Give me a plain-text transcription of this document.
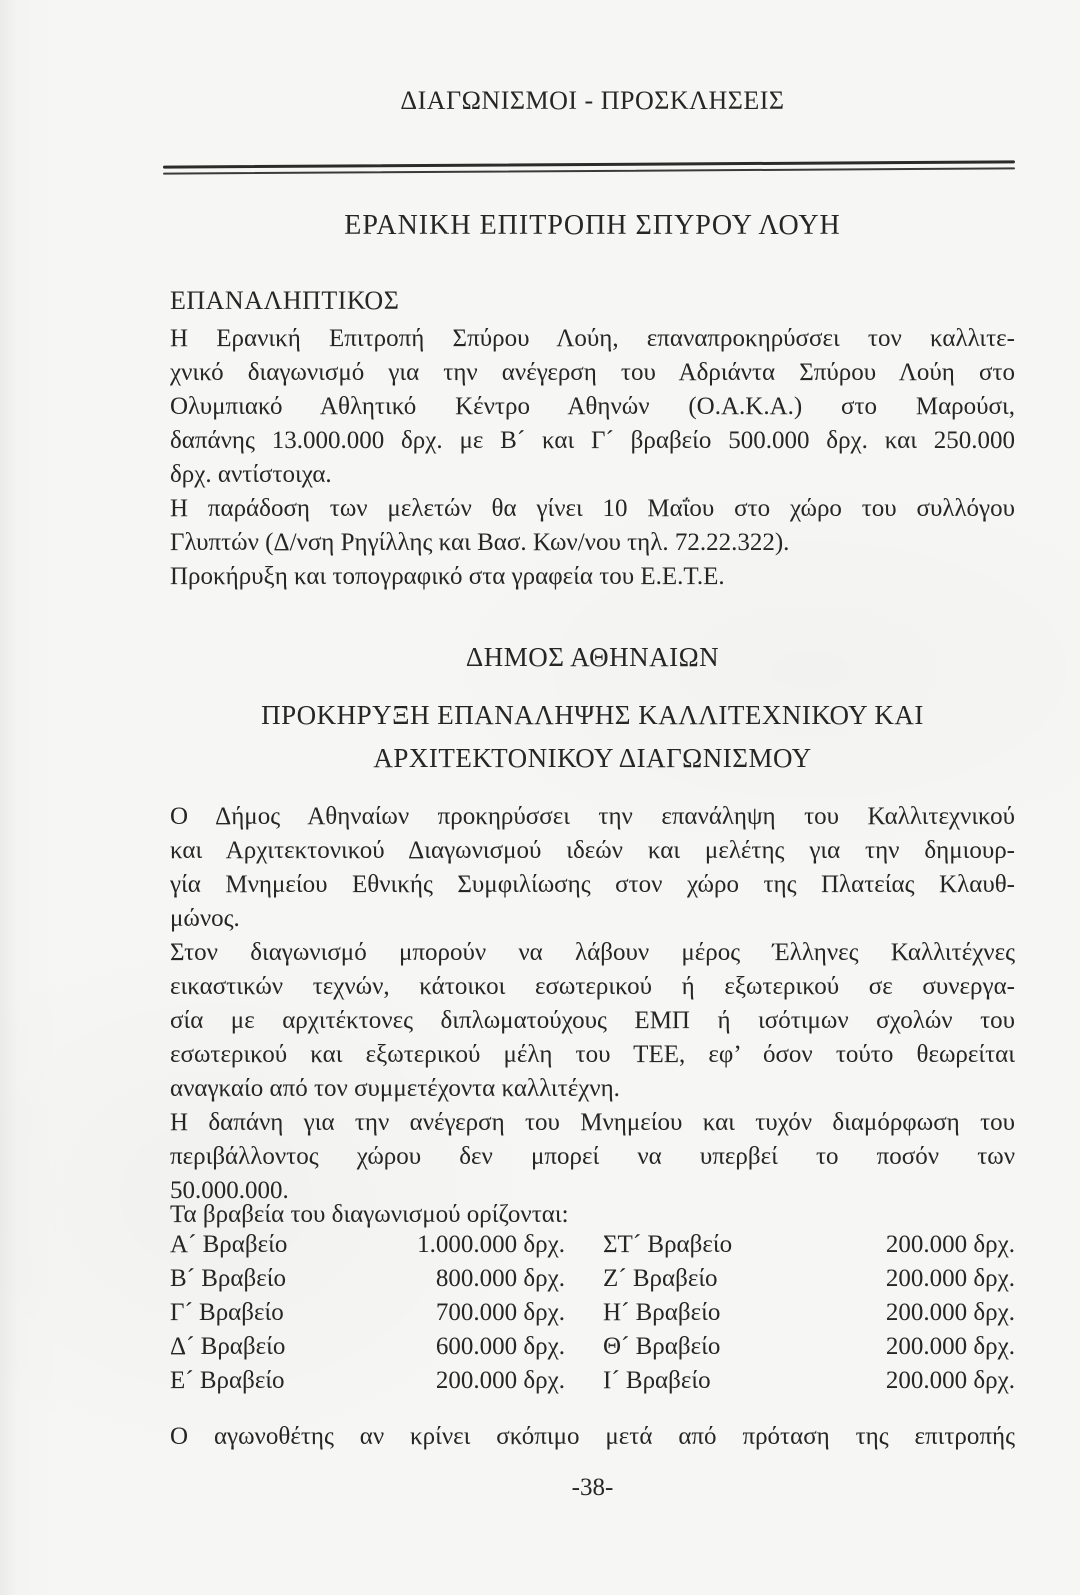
ΔΙΑΓΩΝΙΣΜΟΙ - ΠΡΟΣΚΛΗΣΕΙΣ
ΕΡΑΝΙΚΗ ΕΠΙΤΡΟΠΗ ΣΠΥΡΟΥ ΛΟΥΗ
ΕΠΑΝΑΛΗΠΤΙΚΟΣ
Η Ερανική Επιτροπή Σπύρου Λούη, επαναπροκηρύσσει τον καλλιτε-
χνικό διαγωνισμό για την ανέγερση του Αδριάντα Σπύρου Λούη στο
Ολυμπιακό Αθλητικό Κέντρο Αθηνών (Ο.Α.Κ.Α.) στο Μαρούσι,
δαπάνης 13.000.000 δρχ. με Β´ και Γ´ βραβείο 500.000 δρχ. και 250.000
δρχ. αντίστοιχα.
Η παράδοση των μελετών θα γίνει 10 Μαΐου στο χώρο του συλλόγου
Γλυπτών (Δ/νση Ρηγίλλης και Βασ. Κων/νου τηλ. 72.22.322).
Προκήρυξη και τοπογραφικό στα γραφεία του Ε.Ε.Τ.Ε.
ΔΗΜΟΣ ΑΘΗΝΑΙΩΝ
ΠΡΟΚΗΡΥΞΗ ΕΠΑΝΑΛΗΨΗΣ ΚΑΛΛΙΤΕΧΝΙΚΟΥ ΚΑΙ
ΑΡΧΙΤΕΚΤΟΝΙΚΟΥ ΔΙΑΓΩΝΙΣΜΟΥ
Ο Δήμος Αθηναίων προκηρύσσει την επανάληψη του Καλλιτεχνικού
και Αρχιτεκτονικού Διαγωνισμού ιδεών και μελέτης για την δημιουρ-
γία Μνημείου Εθνικής Συμφιλίωσης στον χώρο της Πλατείας Κλαυθ-
μώνος.
Στον διαγωνισμό μπορούν να λάβουν μέρος Έλληνες Καλλιτέχνες
εικαστικών τεχνών, κάτοικοι εσωτερικού ή εξωτερικού σε συνεργα-
σία με αρχιτέκτονες διπλωματούχους ΕΜΠ ή ισότιμων σχολών του
εσωτερικού και εξωτερικού μέλη του ΤΕΕ, εφ’ όσον τούτο θεωρείται
αναγκαίο από τον συμμετέχοντα καλλιτέχνη.
Η δαπάνη για την ανέγερση του Μνημείου και τυχόν διαμόρφωση του
περιβάλλοντος χώρου δεν μπορεί να υπερβεί το ποσόν των
50.000.000.
Τα βραβεία του διαγωνισμού ορίζονται:
Α´ Βραβείο	1.000.000 δρχ. ΣΤ´ Βραβείο	200.000 δρχ.
Β´ Βραβείο	800.000 δρχ. Ζ´ Βραβείο	200.000 δρχ.
Γ´ Βραβείο	700.000 δρχ. Η´ Βραβείο	200.000 δρχ.
Δ´ Βραβείο	600.000 δρχ. Θ´ Βραβείο	200.000 δρχ.
Ε´ Βραβείο	200.000 δρχ. Ι´ Βραβείο	200.000 δρχ.
Ο αγωνοθέτης αν κρίνει σκόπιμο μετά από πρόταση της επιτροπής
-38-
